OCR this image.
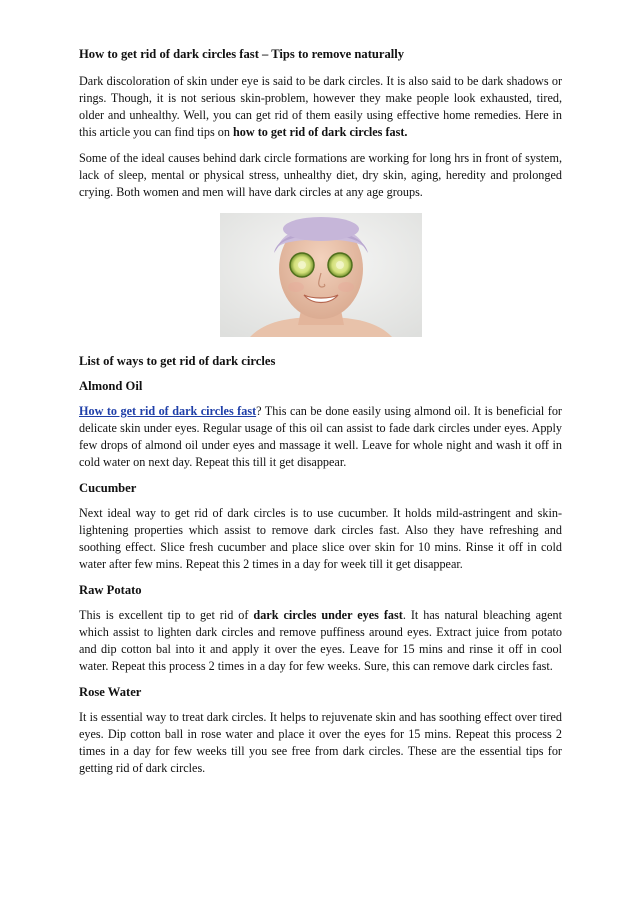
How to get rid of dark circles fast – Tips to remove naturally

Dark discoloration of skin under eye is said to be dark circles. It is also said to be dark shadows or rings. Though, it is not serious skin-problem, however they make people look exhausted, tired, older and unhealthy. Well, you can get rid of them easily using effective home remedies. Here in this article you can find tips on how to get rid of dark circles fast.

Some of the ideal causes behind dark circle formations are working for long hrs in front of system, lack of sleep, mental or physical stress, unhealthy diet, dry skin, aging, heredity and prolonged crying. Both women and men will have dark circles at any age groups.

List of ways to get rid of dark circles
Almond Oil

How to get rid of dark circles fast? This can be done easily using almond oil. It is beneficial for delicate skin under eyes. Regular usage of this oil can assist to fade dark circles under eyes. Apply few drops of almond oil under eyes and massage it well. Leave for whole night and wash it off in cold water on next day. Repeat this till it get disappear.

Cucumber

Next ideal way to get rid of dark circles is to use cucumber. It holds mild-astringent and skin-lightening properties which assist to remove dark circles fast. Also they have refreshing and soothing effect. Slice fresh cucumber and place slice over skin for 10 mins. Rinse it off in cold water after few mins. Repeat this 2 times in a day for week till it get disappear.

Raw Potato

This is excellent tip to get rid of dark circles under eyes fast. It has natural bleaching agent which assist to lighten dark circles and remove puffiness around eyes. Extract juice from potato and dip cotton bal into it and apply it over the eyes. Leave for 15 mins and rinse it off in cool water. Repeat this process 2 times in a day for few weeks. Sure, this can remove dark circles fast.

Rose Water

It is essential way to treat dark circles. It helps to rejuvenate skin and has soothing effect over tired eyes. Dip cotton ball in rose water and place it over the eyes for 15 mins. Repeat this process 2 times in a day for few weeks till you see free from dark circles. These are the essential tips for getting rid of dark circles.
